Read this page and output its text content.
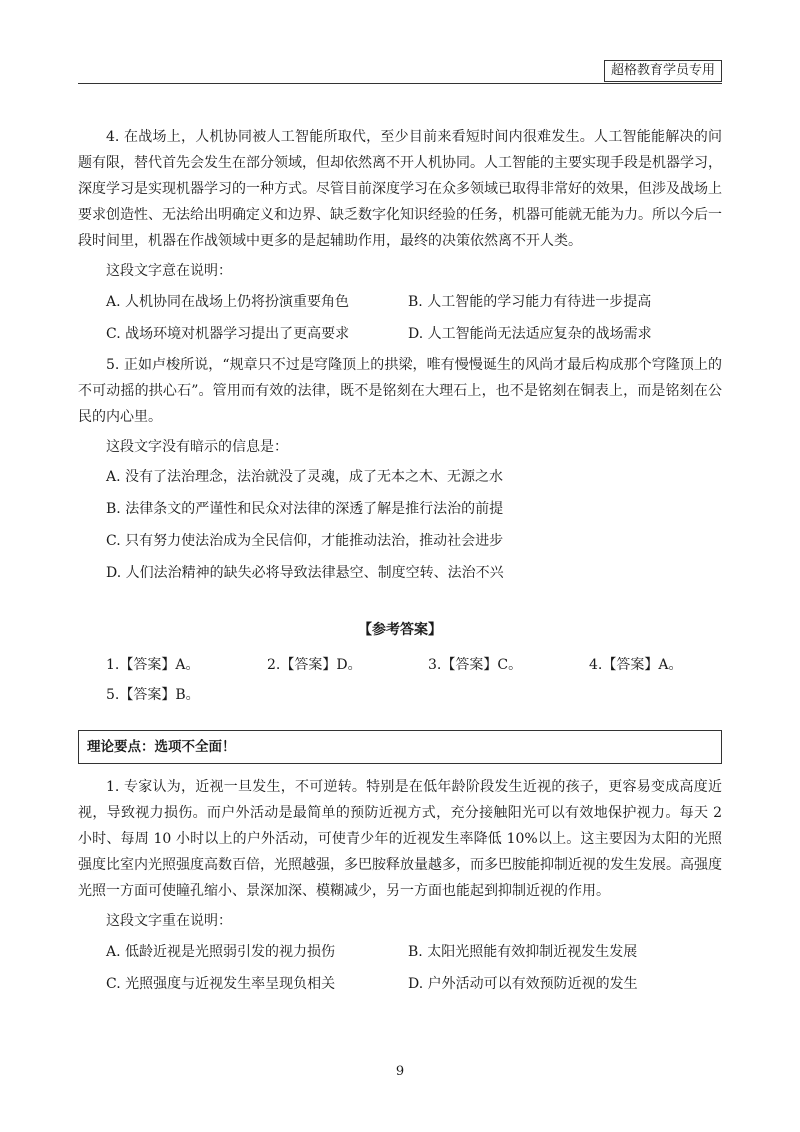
超格教育学员专用

4. 在战场上，人机协同被人工智能所取代，至少目前来看短时间内很难发生。人工智能能解决的问题有限，替代首先会发生在部分领域，但却依然离不开人机协同。人工智能的主要实现手段是机器学习，深度学习是实现机器学习的一种方式。尽管目前深度学习在众多领域已取得非常好的效果，但涉及战场上要求创造性、无法给出明确定义和边界、缺乏数字化知识经验的任务，机器可能就无能为力。所以今后一段时间里，机器在作战领域中更多的是起辅助作用，最终的决策依然离不开人类。

这段文字意在说明：

A. 人机协同在战场上仍将扮演重要角色	B. 人工智能的学习能力有待进一步提高
C. 战场环境对机器学习提出了更高要求	D. 人工智能尚无法适应复杂的战场需求

5. 正如卢梭所说，“规章只不过是穹隆顶上的拱梁，唯有慢慢诞生的风尚才最后构成那个穹隆顶上的不可动摇的拱心石”。管用而有效的法律，既不是铭刻在大理石上，也不是铭刻在铜表上，而是铭刻在公民的内心里。

这段文字没有暗示的信息是：

A. 没有了法治理念，法治就没了灵魂，成了无本之木、无源之水
B. 法律条文的严谨性和民众对法律的深透了解是推行法治的前提
C. 只有努力使法治成为全民信仰，才能推动法治，推动社会进步
D. 人们法治精神的缺失必将导致法律悬空、制度空转、法治不兴
【参考答案】
1.【答案】A。	2.【答案】D。	3.【答案】C。	4.【答案】A。
5.【答案】B。
理论要点：选项不全面！

1. 专家认为，近视一旦发生，不可逆转。特别是在低年龄阶段发生近视的孩子，更容易变成高度近视，导致视力损伤。而户外活动是最简单的预防近视方式，充分接触阳光可以有效地保护视力。每天 2 小时、每周 10 小时以上的户外活动，可使青少年的近视发生率降低 10%以上。这主要因为太阳的光照强度比室内光照强度高数百倍，光照越强，多巴胺释放量越多，而多巴胺能抑制近视的发生发展。高强度光照一方面可使瞳孔缩小、景深加深、模糊减少，另一方面也能起到抑制近视的作用。

这段文字重在说明：

A. 低龄近视是光照弱引发的视力损伤	B. 太阳光照能有效抑制近视发生发展
C. 光照强度与近视发生率呈现负相关	D. 户外活动可以有效预防近视的发生
9
